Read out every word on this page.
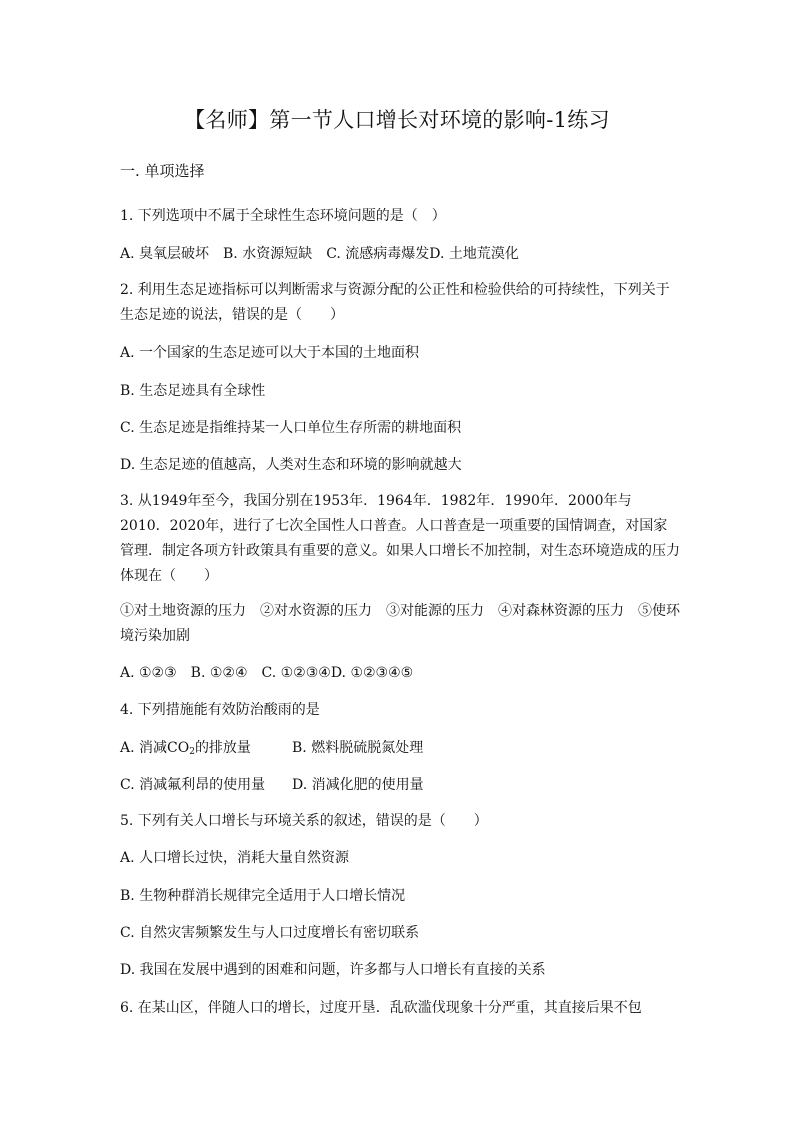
【名师】第一节人口增长对环境的影响-1练习
一. 单项选择
1. 下列选项中不属于全球性生态环境问题的是（　）
A. 臭氧层破坏　B. 水资源短缺　C. 流感病毒爆发D. 土地荒漠化
2. 利用生态足迹指标可以判断需求与资源分配的公正性和检验供给的可持续性，下列关于生态足迹的说法，错误的是（　　）
A. 一个国家的生态足迹可以大于本国的土地面积
B. 生态足迹具有全球性
C. 生态足迹是指维持某一人口单位生存所需的耕地面积
D. 生态足迹的值越高，人类对生态和环境的影响就越大
3. 从1949年至今，我国分别在1953年．1964年．1982年．1990年．2000年与2010．2020年，进行了七次全国性人口普查。人口普查是一项重要的国情调查，对国家管理．制定各项方针政策具有重要的意义。如果人口增长不加控制，对生态环境造成的压力体现在（　　）
①对土地资源的压力　②对水资源的压力　③对能源的压力　④对森林资源的压力　⑤使环境污染加剧
A. ①②③　B. ①②④　C. ①②③④D. ①②③④⑤
4. 下列措施能有效防治酸雨的是
A. 消减$CO_2$的排放量	B. 燃料脱硫脱氮处理
C. 消减氟利昂的使用量 D. 消减化肥的使用量
5. 下列有关人口增长与环境关系的叙述，错误的是（　　）
A. 人口增长过快，消耗大量自然资源
B. 生物种群消长规律完全适用于人口增长情况
C. 自然灾害频繁发生与人口过度增长有密切联系
D. 我国在发展中遇到的困难和问题，许多都与人口增长有直接的关系
6. 在某山区，伴随人口的增长，过度开垦．乱砍滥伐现象十分严重，其直接后果不包
